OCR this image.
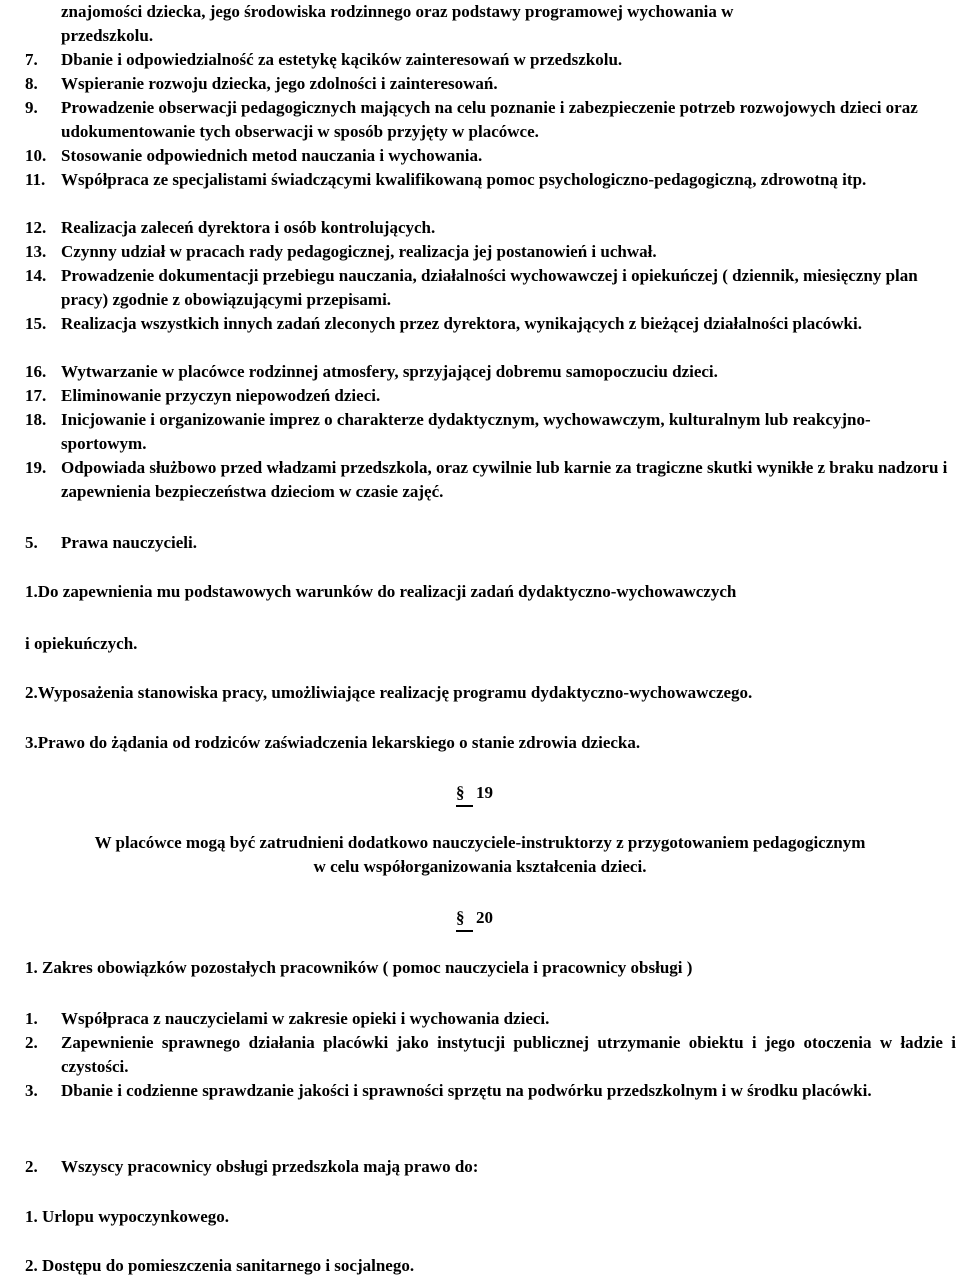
znajomości dziecka, jego środowiska rodzinnego oraz podstawy programowej wychowania w
przedszkolu.
7. Dbanie i odpowiedzialność za estetykę kącików zainteresowań w przedszkolu.
8. Wspieranie rozwoju dziecka, jego zdolności i zainteresowań.
9. Prowadzenie obserwacji pedagogicznych mających na celu poznanie i zabezpieczenie potrzeb rozwojowych dzieci oraz udokumentowanie tych obserwacji w sposób przyjęty w placówce.
10. Stosowanie odpowiednich metod nauczania i wychowania.
11. Współpraca ze specjalistami świadczącymi kwalifikowaną pomoc psychologiczno-pedagogiczną, zdrowotną itp.
12. Realizacja zaleceń dyrektora i osób kontrolujących.
13. Czynny udział w pracach rady pedagogicznej, realizacja jej postanowień i uchwał.
14. Prowadzenie dokumentacji przebiegu nauczania, działalności wychowawczej i opiekuńczej ( dziennik, miesięczny plan pracy) zgodnie z obowiązującymi przepisami.
15. Realizacja wszystkich innych zadań zleconych przez dyrektora, wynikających z bieżącej działalności placówki.
16. Wytwarzanie w placówce rodzinnej atmosfery, sprzyjającej dobremu samopoczuciu dzieci.
17. Eliminowanie przyczyn niepowodzeń dzieci.
18. Inicjowanie i organizowanie imprez o charakterze dydaktycznym, wychowawczym, kulturalnym lub reakcyjno-sportowym.
19. Odpowiada służbowo przed władzami przedszkola, oraz cywilnie lub karnie za tragiczne skutki wynikłe z braku nadzoru i zapewnienia bezpieczeństwa dzieciom w czasie zajęć.
5. Prawa nauczycieli.
1.Do zapewnienia mu podstawowych warunków do realizacji zadań dydaktyczno-wychowawczych
i opiekuńczych.
2.Wyposażenia stanowiska pracy, umożliwiające realizację programu dydaktyczno-wychowawczego.
3.Prawo do żądania od rodziców zaświadczenia lekarskiego o stanie zdrowia dziecka.
§ 19
W placówce mogą być zatrudnieni dodatkowo nauczyciele-instruktorzy z przygotowaniem pedagogicznym
w celu współorganizowania kształcenia dzieci.
§ 20
1. Zakres obowiązków pozostałych pracowników ( pomoc nauczyciela i pracownicy obsługi )
1. Współpraca z nauczycielami w zakresie opieki i wychowania dzieci.
2. Zapewnienie sprawnego działania placówki jako instytucji publicznej utrzymanie obiektu i jego otoczenia w ładzie i czystości.
3. Dbanie i codzienne sprawdzanie jakości i sprawności sprzętu na podwórku przedszkolnym i w środku placówki.
2. Wszyscy pracownicy obsługi przedszkola mają prawo do:
1. Urlopu wypoczynkowego.
2. Dostępu do pomieszczenia sanitarnego i socjalnego.
